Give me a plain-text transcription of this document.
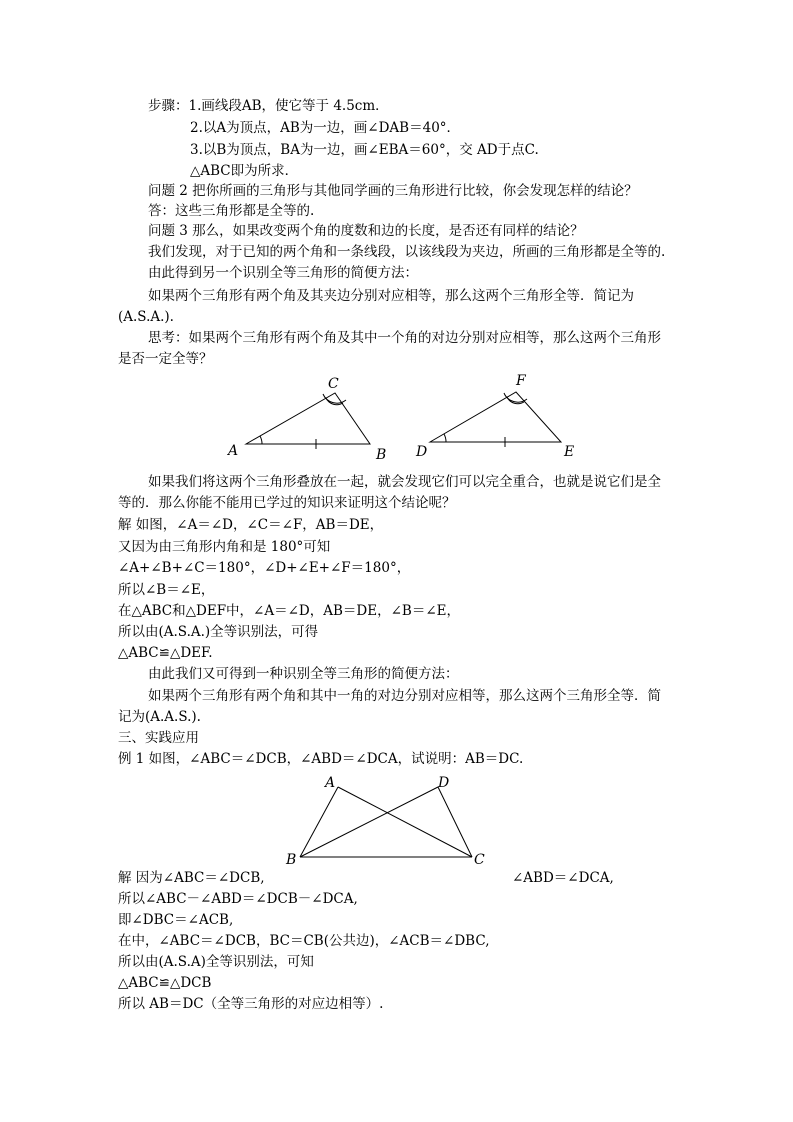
步骤：1.画线段AB，使它等于 4.5cm．
2.以A为顶点，AB为一边，画∠DAB＝40°．
3.以B为顶点，BA为一边，画∠EBA＝60°，交 AD于点C.
△ABC即为所求．
问题 2 把你所画的三角形与其他同学画的三角形进行比较，你会发现怎样的结论？
答：这些三角形都是全等的.
问题 3 那么，如果改变两个角的度数和边的长度，是否还有同样的结论？
我们发现，对于已知的两个角和一条线段，以该线段为夹边，所画的三角形都是全等的.
由此得到另一个识别全等三角形的简便方法：
如果两个三角形有两个角及其夹边分别对应相等，那么这两个三角形全等．简记为
(A.S.A.).
思考：如果两个三角形有两个角及其中一个角的对边分别对应相等，那么这两个三角形
是否一定全等？
A	B
C
D	E
F
A	D
B	C
如果我们将这两个三角形叠放在一起，就会发现它们可以完全重合，也就是说它们是全
等的．那么你能不能用已学过的知识来证明这个结论呢？
解 如图，∠A＝∠D，∠C＝∠F，AB＝DE，
又因为由三角形内角和是 180°可知
∠A+∠B+∠C＝180°，∠D+∠E+∠F＝180°，
所以∠B＝∠E，
在△ABC和△DEF中，∠A＝∠D，AB＝DE，∠B＝∠E，
所以由(A.S.A.)全等识别法，可得
△ABC≌△DEF.
由此我们又可得到一种识别全等三角形的简便方法：
如果两个三角形有两个角和其中一角的对边分别对应相等，那么这两个三角形全等．简
记为(A.A.S.).
三、实践应用
例 1 如图，∠ABC＝∠DCB，∠ABD＝∠DCA，试说明：AB＝DC.
解 因为∠ABC＝∠DCB,	∠ABD＝∠DCA,
所以∠ABC－∠ABD＝∠DCB－∠DCA,
即∠DBC＝∠ACB,
在中，∠ABC＝∠DCB，BC＝CB(公共边)，∠ACB＝∠DBC,
所以由(A.S.A)全等识别法，可知
△ABC≌△DCB
所以 AB＝DC（全等三角形的对应边相等）.
